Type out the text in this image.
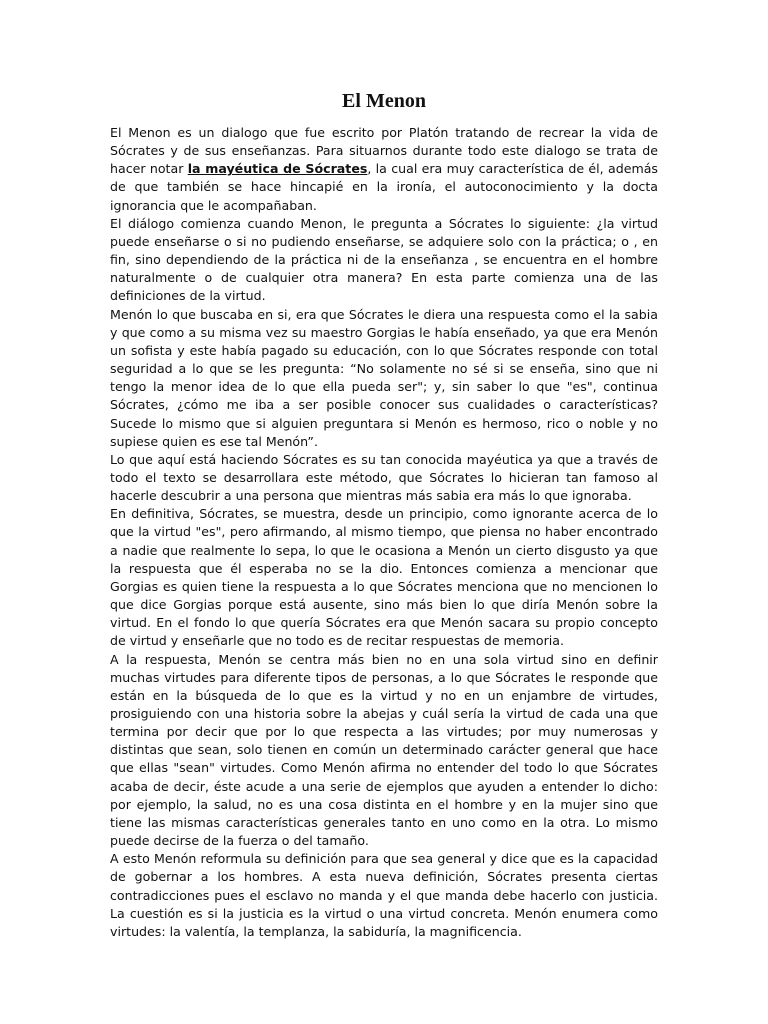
El Menon

El Menon es un dialogo que fue escrito por Platón tratando de recrear la vida de Sócrates y de sus enseñanzas. Para situarnos durante todo este dialogo se trata de hacer notar la mayéutica de Sócrates, la cual era muy característica de él, además de que también se hace hincapié en la ironía, el autoconocimiento y la docta ignorancia que le acompañaban.

El diálogo comienza cuando Menon, le pregunta a Sócrates lo siguiente: ¿la virtud puede enseñarse o si no pudiendo enseñarse, se adquiere solo con la práctica; o , en fin, sino dependiendo de la práctica ni de la enseñanza , se encuentra en el hombre naturalmente o de cualquier otra manera? En esta parte comienza una de las definiciones de la virtud.

Menón lo que buscaba en si, era que Sócrates le diera una respuesta como el la sabia y que como a su misma vez su maestro Gorgias le había enseñado, ya que era Menón un sofista y este había pagado su educación, con lo que Sócrates responde con total seguridad a lo que se les pregunta: “No solamente no sé si se enseña, sino que ni tengo la menor idea de lo que ella pueda ser"; y, sin saber lo que "es", continua Sócrates, ¿cómo me iba a ser posible conocer sus cualidades o características? Sucede lo mismo que si alguien preguntara si Menón es hermoso, rico o noble y no supiese quien es ese tal Menón”.

Lo que aquí está haciendo Sócrates es su tan conocida mayéutica ya que a través de todo el texto se desarrollara este método, que Sócrates lo hicieran tan famoso al hacerle descubrir a una persona que mientras más sabia era más lo que ignoraba.

En definitiva, Sócrates, se muestra, desde un principio, como ignorante acerca de lo que la virtud "es", pero afirmando, al mismo tiempo, que piensa no haber encontrado a nadie que realmente lo sepa, lo que le ocasiona a Menón un cierto disgusto ya que la respuesta que él esperaba no se la dio. Entonces comienza a mencionar que Gorgias es quien tiene la respuesta a lo que Sócrates menciona que no mencionen lo que dice Gorgias porque está ausente, sino más bien lo que diría Menón sobre la virtud. En el fondo lo que quería Sócrates era que Menón sacara su propio concepto de virtud y enseñarle que no todo es de recitar respuestas de memoria.

A la respuesta, Menón se centra más bien no en una sola virtud sino en definir muchas virtudes para diferente tipos de personas, a lo que Sócrates le responde que están en la búsqueda de lo que es la virtud y no en un enjambre de virtudes, prosiguiendo con una historia sobre la abejas y cuál sería la virtud de cada una que termina por decir que por lo que respecta a las virtudes; por muy numerosas y distintas que sean, solo tienen en común un determinado carácter general que hace que ellas "sean" virtudes. Como Menón afirma no entender del todo lo que Sócrates acaba de decir, éste acude a una serie de ejemplos que ayuden a entender lo dicho: por ejemplo, la salud, no es una cosa distinta en el hombre y en la mujer sino que tiene las mismas características generales tanto en uno como en la otra. Lo mismo puede decirse de la fuerza o del tamaño.

A esto Menón reformula su definición para que sea general y dice que es la capacidad de gobernar a los hombres. A esta nueva definición, Sócrates presenta ciertas contradicciones pues el esclavo no manda y el que manda debe hacerlo con justicia. La cuestión es si la justicia es la virtud o una virtud concreta. Menón enumera como virtudes: la valentía, la templanza, la sabiduría, la magnificencia.
